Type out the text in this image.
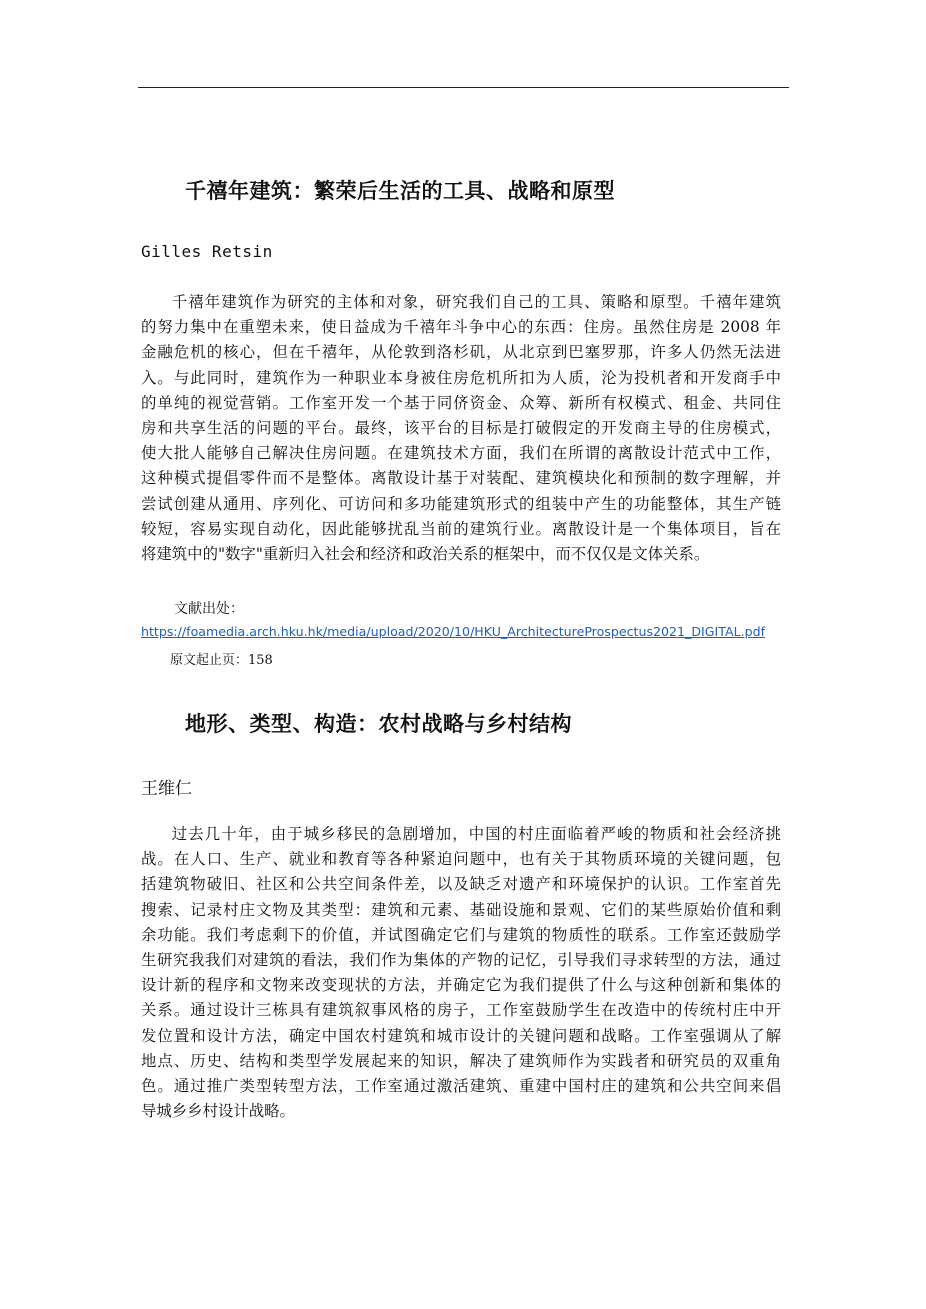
千禧年建筑：繁荣后生活的工具、战略和原型

Gilles Retsin

千禧年建筑作为研究的主体和对象，研究我们自己的工具、策略和原型。千禧年建筑
的努力集中在重塑未来，使日益成为千禧年斗争中心的东西：住房。虽然住房是 2008 年
金融危机的核心，但在千禧年，从伦敦到洛杉矶，从北京到巴塞罗那，许多人仍然无法进
入。与此同时，建筑作为一种职业本身被住房危机所扣为人质，沦为投机者和开发商手中
的单纯的视觉营销。工作室开发一个基于同侪资金、众筹、新所有权模式、租金、共同住
房和共享生活的问题的平台。最终，该平台的目标是打破假定的开发商主导的住房模式，
使大批人能够自己解决住房问题。在建筑技术方面，我们在所谓的离散设计范式中工作，
这种模式提倡零件而不是整体。离散设计基于对装配、建筑模块化和预制的数字理解，并
尝试创建从通用、序列化、可访问和多功能建筑形式的组装中产生的功能整体，其生产链
较短，容易实现自动化，因此能够扰乱当前的建筑行业。离散设计是一个集体项目，旨在
将建筑中的"数字"重新归入社会和经济和政治关系的框架中，而不仅仅是文体关系。

文献出处：

https://foamedia.arch.hku.hk/media/upload/2020/10/HKU_ArchitectureProspectus2021_DIGITAL.pdf

原文起止页：158

地形、类型、构造：农村战略与乡村结构

王维仁

过去几十年，由于城乡移民的急剧增加，中国的村庄面临着严峻的物质和社会经济挑
战。在人口、生产、就业和教育等各种紧迫问题中，也有关于其物质环境的关键问题，包
括建筑物破旧、社区和公共空间条件差，以及缺乏对遗产和环境保护的认识。工作室首先
搜索、记录村庄文物及其类型：建筑和元素、基础设施和景观、它们的某些原始价值和剩
余功能。我们考虑剩下的价值，并试图确定它们与建筑的物质性的联系。工作室还鼓励学
生研究我我们对建筑的看法，我们作为集体的产物的记忆，引导我们寻求转型的方法，通过
设计新的程序和文物来改变现状的方法，并确定它为我们提供了什么与这种创新和集体的
关系。通过设计三栋具有建筑叙事风格的房子，工作室鼓励学生在改造中的传统村庄中开
发位置和设计方法，确定中国农村建筑和城市设计的关键问题和战略。工作室强调从了解
地点、历史、结构和类型学发展起来的知识，解决了建筑师作为实践者和研究员的双重角
色。通过推广类型转型方法，工作室通过激活建筑、重建中国村庄的建筑和公共空间来倡
导城乡乡村设计战略。
